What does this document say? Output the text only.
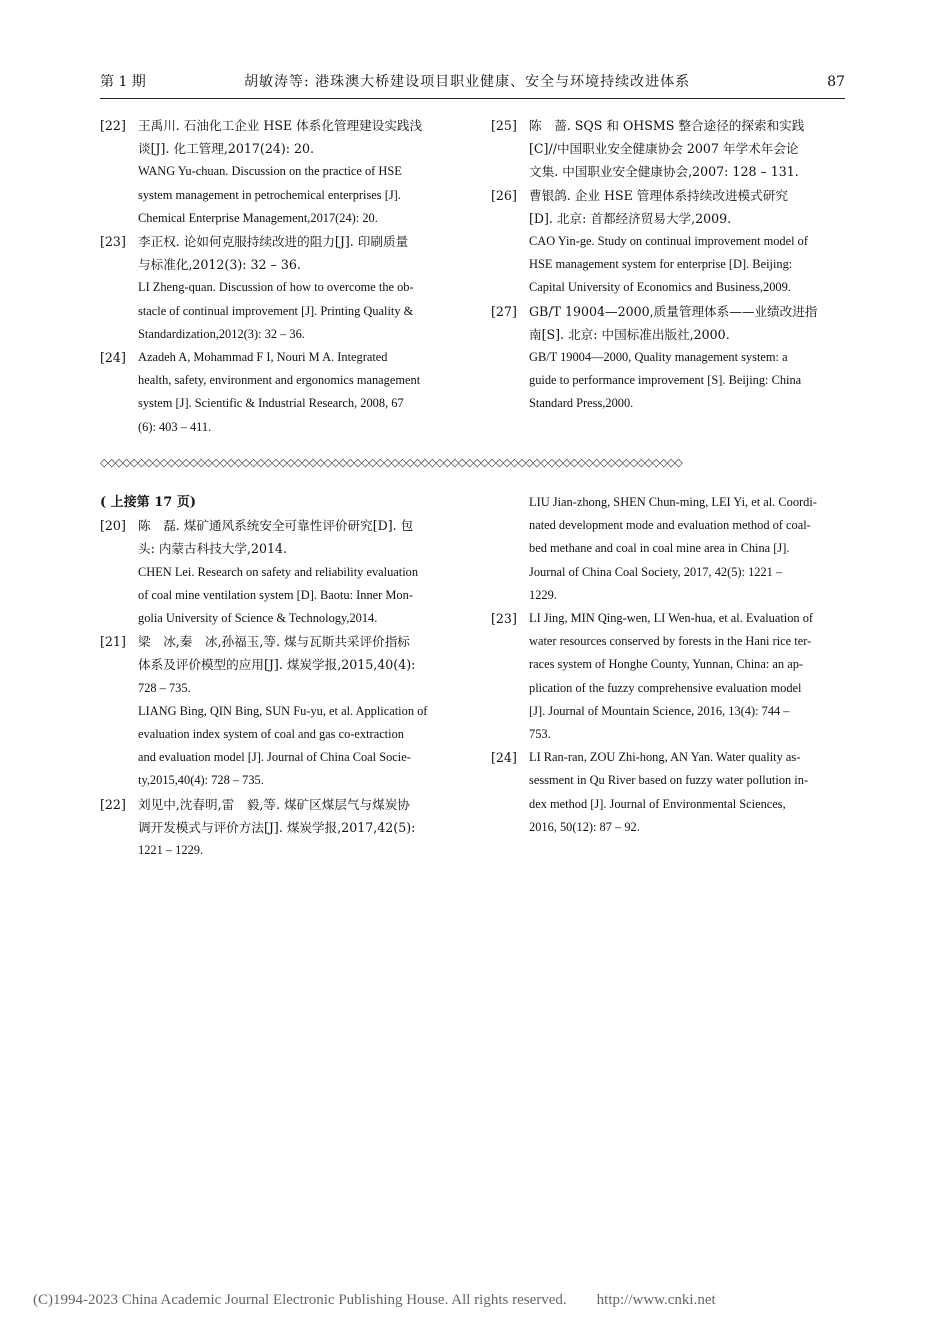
第 1 期	胡敏涛等: 港珠澳大桥建设项目职业健康、安全与环境持续改进体系	87
[22] 王禹川. 石油化工企业 HSE 体系化管理建设实践浅
谈[J]. 化工管理,2017(24): 20.
WANG Yu-chuan. Discussion on the practice of HSE
system management in petrochemical enterprises [J].
Chemical Enterprise Management,2017(24): 20.
[23] 李正权. 论如何克服持续改进的阻力[J]. 印刷质量
与标准化,2012(3): 32 – 36.
LI Zheng-quan. Discussion of how to overcome the ob-
stacle of continual improvement [J]. Printing Quality &
Standardization,2012(3): 32 – 36.
[24] Azadeh A, Mohammad F I, Nouri M A. Integrated
health, safety, environment and ergonomics management
system [J]. Scientific & Industrial Research, 2008, 67
(6): 403 – 411.
[25] 陈　蔷. SQS 和 OHSMS 整合途径的探索和实践
[C]//中国职业安全健康协会 2007 年学术年会论
文集. 中国职业安全健康协会,2007: 128 – 131.
[26] 曹银鸽. 企业 HSE 管理体系持续改进模式研究
[D]. 北京: 首都经济贸易大学,2009.
CAO Yin-ge. Study on continual improvement model of
HSE management system for enterprise [D]. Beijing:
Capital University of Economics and Business,2009.
[27] GB/T 19004—2000,质量管理体系——业绩改进指
南[S]. 北京: 中国标准出版社,2000.
GB/T 19004—2000, Quality management system: a
guide to performance improvement [S]. Beijing: China
Standard Press,2000.
◇◇◇◇◇◇◇◇◇◇◇◇◇◇◇◇◇◇◇◇◇◇◇◇◇◇◇◇◇◇◇◇◇◇◇◇◇◇◇◇◇◇◇◇◇◇◇◇◇◇◇◇◇◇◇◇◇◇◇◇◇◇◇◇◇◇◇◇◇◇◇◇◇◇◇◇◇◇
( 上接第 17 页)
[20] 陈　磊. 煤矿通风系统安全可靠性评价研究[D]. 包
头: 内蒙古科技大学,2014.
CHEN Lei. Research on safety and reliability evaluation
of coal mine ventilation system [D]. Baotu: Inner Mon-
golia University of Science & Technology,2014.
[21] 梁　冰,秦　冰,孙福玉,等. 煤与瓦斯共采评价指标
体系及评价模型的应用[J]. 煤炭学报,2015,40(4):
728 – 735.
LIANG Bing, QIN Bing, SUN Fu-yu, et al. Application of
evaluation index system of coal and gas co-extraction
and evaluation model [J]. Journal of China Coal Socie-
ty,2015,40(4): 728 – 735.
[22] 刘见中,沈春明,雷　毅,等. 煤矿区煤层气与煤炭协
调开发模式与评价方法[J]. 煤炭学报,2017,42(5):
1221 – 1229.
LIU Jian-zhong, SHEN Chun-ming, LEI Yi, et al. Coordi-
nated development mode and evaluation method of coal-
bed methane and coal in coal mine area in China [J].
Journal of China Coal Society, 2017, 42(5): 1221 –
1229.
[23] LI Jing, MIN Qing-wen, LI Wen-hua, et al. Evaluation of
water resources conserved by forests in the Hani rice ter-
races system of Honghe County, Yunnan, China: an ap-
plication of the fuzzy comprehensive evaluation model
[J]. Journal of Mountain Science, 2016, 13(4): 744 –
753.
[24] LI Ran-ran, ZOU Zhi-hong, AN Yan. Water quality as-
sessment in Qu River based on fuzzy water pollution in-
dex method [J]. Journal of Environmental Sciences,
2016, 50(12): 87 – 92.
(C)1994-2023 China Academic Journal Electronic Publishing House. All rights reserved.　　http://www.cnki.net
